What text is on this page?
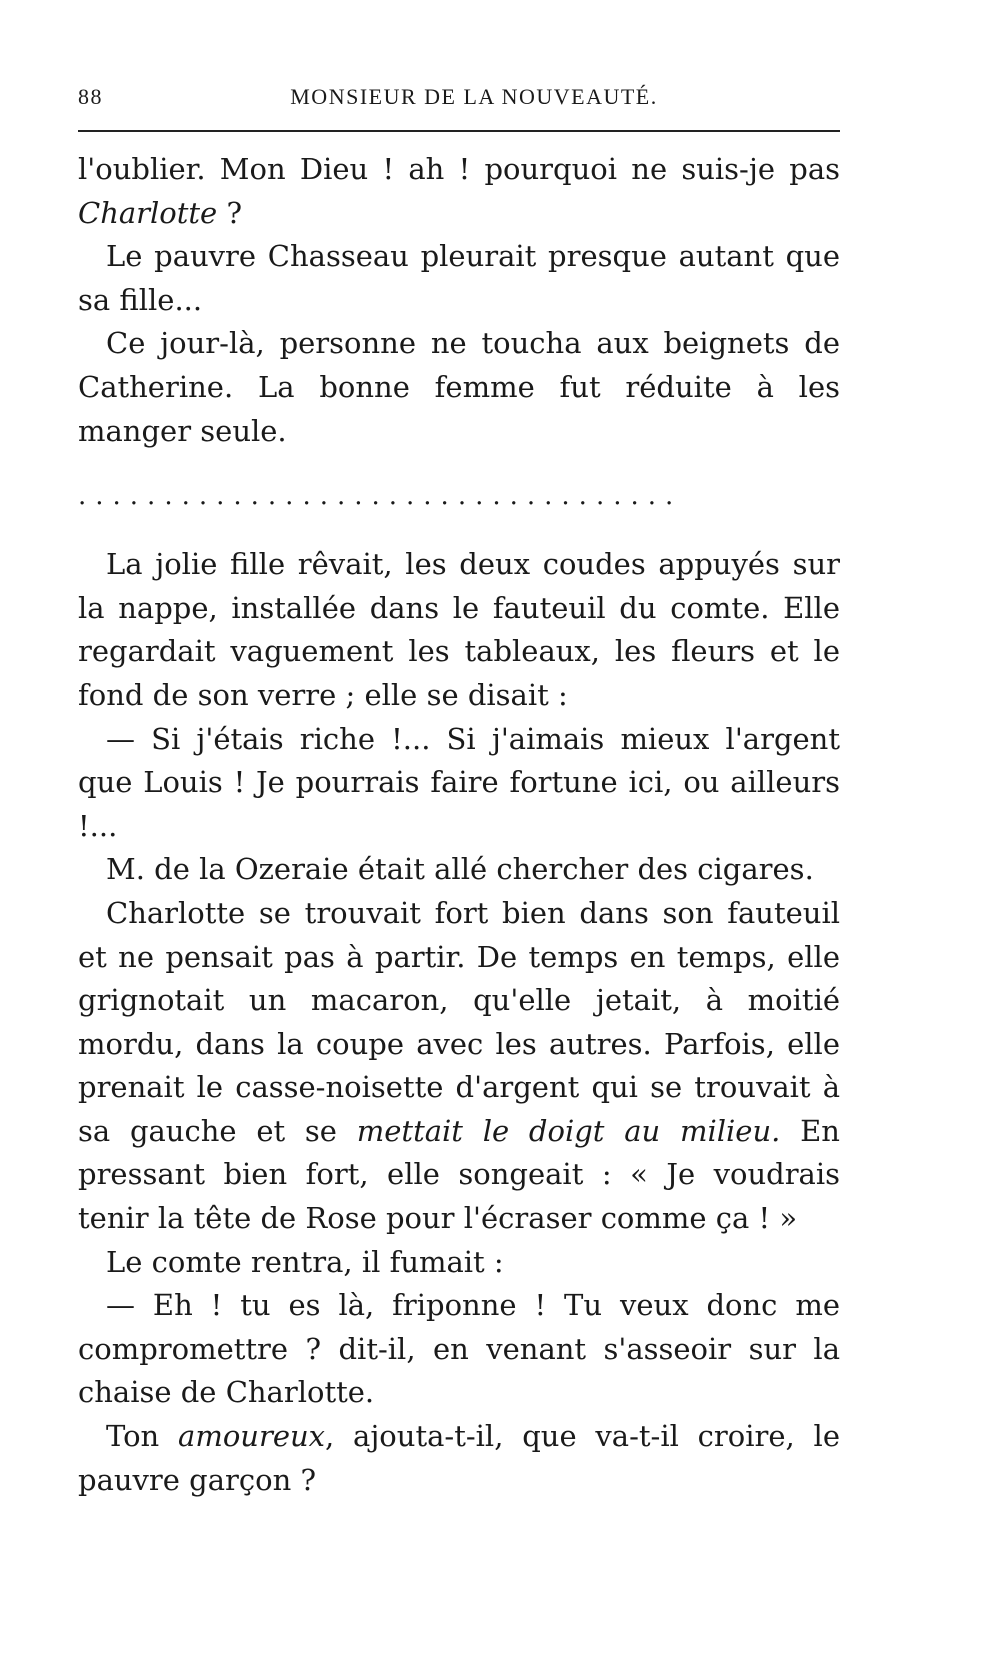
88	MONSIEUR DE LA NOUVEAUTÉ.

l'oublier. Mon Dieu ! ah ! pourquoi ne suis-je pas Charlotte ?

Le pauvre Chasseau pleurait presque autant que sa fille...

Ce jour-là, personne ne toucha aux beignets de Catherine. La bonne femme fut réduite à les manger seule.

...................................

La jolie fille rêvait, les deux coudes appuyés sur la nappe, installée dans le fauteuil du comte. Elle regardait vaguement les tableaux, les fleurs et le fond de son verre ; elle se disait :

— Si j'étais riche !... Si j'aimais mieux l'argent que Louis ! Je pourrais faire fortune ici, ou ailleurs !...

M. de la Ozeraie était allé chercher des cigares.

Charlotte se trouvait fort bien dans son fauteuil et ne pensait pas à partir. De temps en temps, elle grignotait un macaron, qu'elle jetait, à moitié mordu, dans la coupe avec les autres. Parfois, elle prenait le casse-noisette d'argent qui se trouvait à sa gauche et se mettait le doigt au milieu. En pressant bien fort, elle songeait : « Je voudrais tenir la tête de Rose pour l'écraser comme ça ! »

Le comte rentra, il fumait :

— Eh ! tu es là, friponne ! Tu veux donc me compromettre ? dit-il, en venant s'asseoir sur la chaise de Charlotte.

Ton amoureux, ajouta-t-il, que va-t-il croire, le pauvre garçon ?
